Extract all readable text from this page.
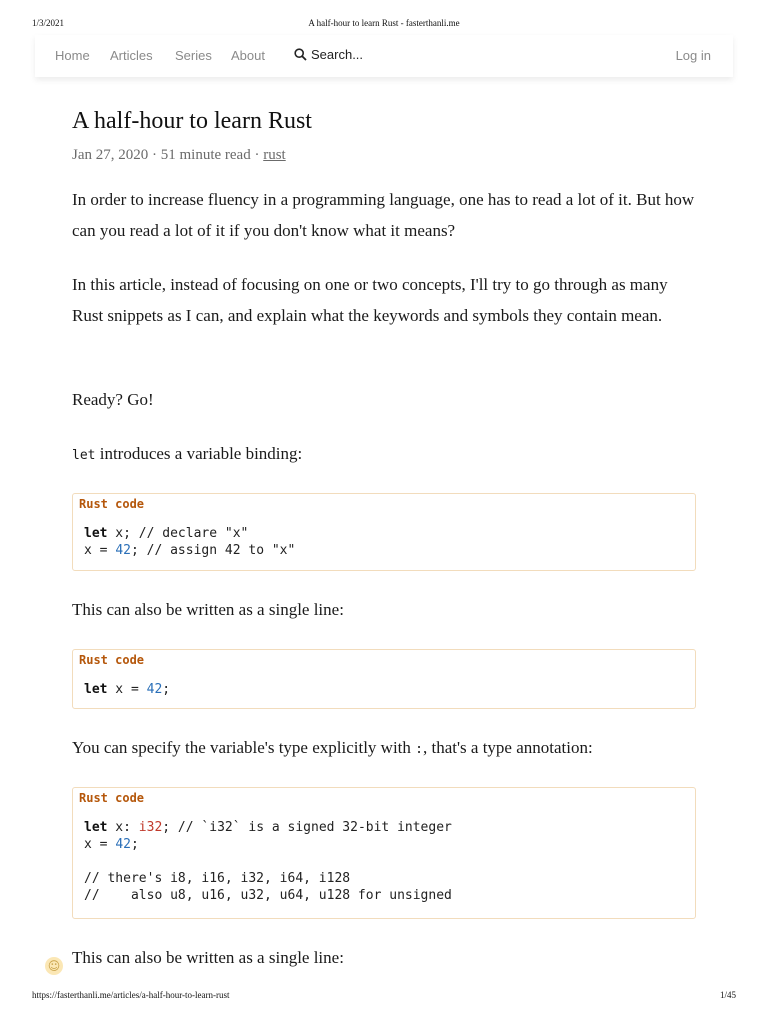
1/3/2021	A half-hour to learn Rust - fasterthanli.me
Home Articles Series About	Search...	Log in
A half-hour to learn Rust
Jan 27, 2020 · 51 minute read · rust

In order to increase fluency in a programming language, one has to read a lot of it. But how can you read a lot of it if you don't know what it means?

In this article, instead of focusing on one or two concepts, I'll try to go through as many Rust snippets as I can, and explain what the keywords and symbols they contain mean.

Ready? Go!

let introduces a variable binding:

Rust code
let x; // declare "x"
x = 42; // assign 42 to "x"

This can also be written as a single line:

Rust code
let x = 42;

You can specify the variable's type explicitly with :, that's a type annotation:

Rust code
let x: i32; // `i32` is a signed 32-bit integer
x = 42;

// there's i8, i16, i32, i64, i128
//    also u8, u16, u32, u64, u128 for unsigned

This can also be written as a single line:

☺
https://fasterthanli.me/articles/a-half-hour-to-learn-rust	1/45
